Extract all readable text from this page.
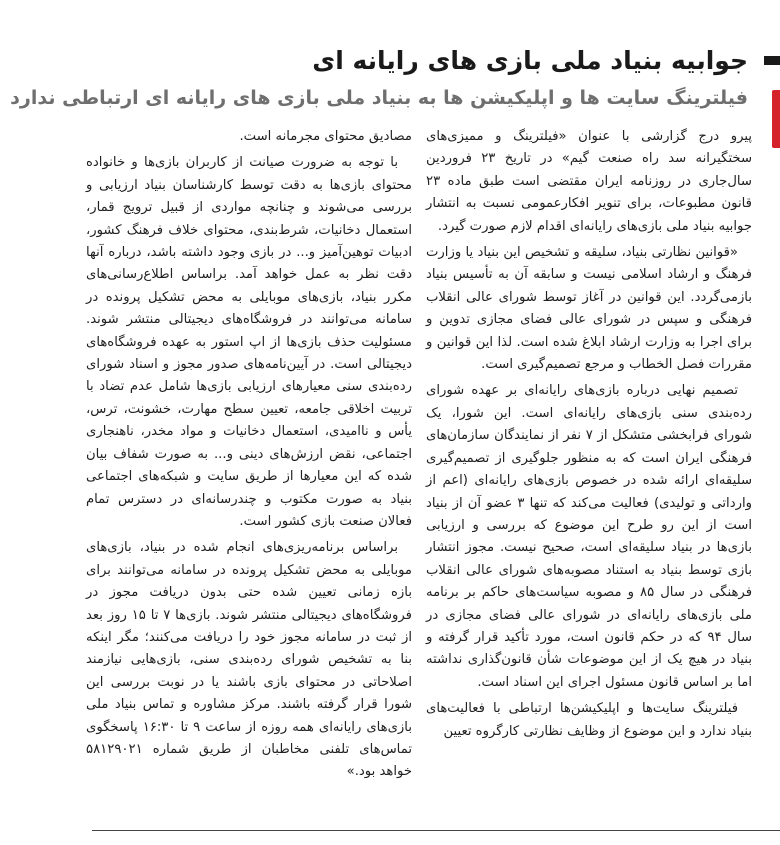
جوابیه بنیاد ملی بازی های رایانه ای
فیلترینگ سایت ها و اپلیکیشن ها به بنیاد ملی بازی های رایانه ای ارتباطی ندارد

پیرو درج گزارشی با عنوان «فیلترینگ و ممیزی‌های سختگیرانه سد راه صنعت گیم» در تاریخ ۲۳ فروردین سال‌جاری در روزنامه ایران مقتضی است طبق ماده ۲۳ قانون مطبوعات، برای تنویر افکارعمومی نسبت به انتشار جوابیه بنیاد ملی بازی‌های رایانه‌ای اقدام لازم صورت گیرد.

«قوانین نظارتی بنیاد، سلیقه و تشخیص این بنیاد یا وزارت فرهنگ و ارشاد اسلامی نیست و سابقه آن به تأسیس بنیاد بازمی‌گردد. این قوانین در آغاز توسط شورای عالی انقلاب فرهنگی و سپس در شورای عالی فضای مجازی تدوین و برای اجرا به وزارت ارشاد ابلاغ شده است. لذا این قوانین و مقررات فصل الخطاب و مرجع تصمیم‌گیری است.

تصمیم نهایی درباره بازی‌های رایانه‌ای بر عهده شورای رده‌بندی سنی بازی‌های رایانه‌ای است. این شورا، یک شورای فرابخشی متشکل از ۷ نفر از نمایندگان سازمان‌های فرهنگی ایران است که به منظور جلوگیری از تصمیم‌گیری سلیقه‌ای ارائه شده در خصوص بازی‌های رایانه‌ای (اعم از وارداتی و تولیدی) فعالیت می‌کند که تنها ۳ عضو آن از بنیاد است از این رو طرح این موضوع که بررسی و ارزیابی بازی‌ها در بنیاد سلیقه‌ای است، صحیح نیست. مجوز انتشار بازی توسط بنیاد به استناد مصوبه‌های شورای عالی انقلاب فرهنگی در سال ۸۵ و مصوبه سیاست‌های حاکم بر برنامه ملی بازی‌های رایانه‌ای در شورای عالی فضای مجازی در سال ۹۴ که در حکم قانون است، مورد تأکید قرار گرفته و بنیاد در هیچ یک از این موضوعات شأن قانون‌گذاری نداشته اما بر اساس قانون مسئول اجرای این اسناد است.

فیلترینگ سایت‌ها و اپلیکیشن‌ها ارتباطی با فعالیت‌های بنیاد ندارد و این موضوع از وظایف نظارتی کارگروه تعیین

مصادیق محتوای مجرمانه است.

با توجه به ضرورت صیانت از کاربران بازی‌ها و خانواده محتوای بازی‌ها به دقت توسط کارشناسان بنیاد ارزیابی و بررسی می‌شوند و چنانچه مواردی از قبیل ترویج قمار، استعمال دخانیات، شرط‌بندی، محتوای خلاف فرهنگ کشور، ادبیات توهین‌آمیز و... در بازی وجود داشته باشد، درباره آنها دقت نظر به عمل خواهد آمد. براساس اطلاع‌رسانی‌های مکرر بنیاد، بازی‌های موبایلی به محض تشکیل پرونده در سامانه می‌توانند در فروشگاه‌های دیجیتالی منتشر شوند. مسئولیت حذف بازی‌ها از اپ استور به عهده فروشگاه‌های دیجیتالی است. در آیین‌نامه‌های صدور مجوز و اسناد شورای رده‌بندی سنی معیارهای ارزیابی بازی‌ها شامل عدم تضاد با تربیت اخلاقی جامعه، تعیین سطح مهارت، خشونت، ترس، یأس و ناامیدی، استعمال دخانیات و مواد مخدر، ناهنجاری اجتماعی، نقض ارزش‌های دینی و... به صورت شفاف بیان شده که این معیارها از طریق سایت و شبکه‌های اجتماعی بنیاد به صورت مکتوب و چندرسانه‌ای در دسترس تمام فعالان صنعت بازی کشور است.

براساس برنامه‌ریزی‌های انجام شده در بنیاد، بازی‌های موبایلی به محض تشکیل پرونده در سامانه می‌توانند برای بازه زمانی تعیین شده حتی بدون دریافت مجوز در فروشگاه‌های دیجیتالی منتشر شوند. بازی‌ها ۷ تا ۱۵ روز بعد از ثبت در سامانه مجوز خود را دریافت می‌کنند؛ مگر اینکه بنا به تشخیص شورای رده‌بندی سنی، بازی‌هایی نیازمند اصلاحاتی در محتوای بازی باشند یا در نوبت بررسی این شورا قرار گرفته باشند. مرکز مشاوره و تماس بنیاد ملی بازی‌های رایانه‌ای همه روزه از ساعت ۹ تا ۱۶:۳۰ پاسخگوی تماس‌های تلفنی مخاطبان از طریق شماره ۵۸۱۲۹۰۲۱ خواهد بود.»
